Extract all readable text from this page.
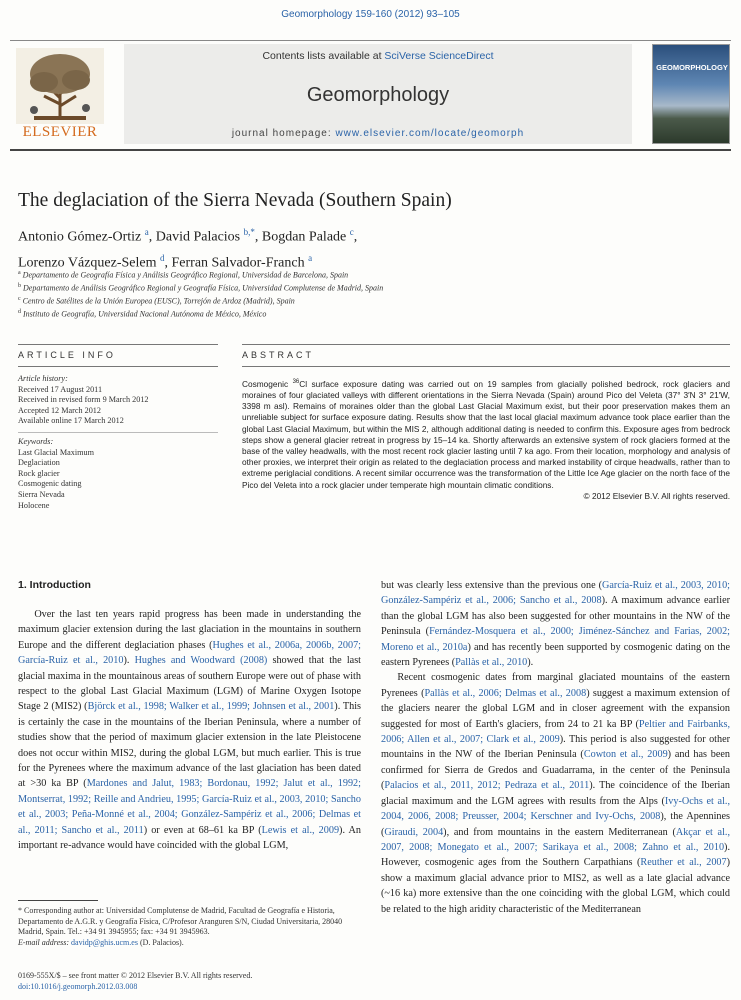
Geomorphology 159-160 (2012) 93–105
ELSEVIER
Contents lists available at SciVerse ScienceDirect
Geomorphology
journal homepage: www.elsevier.com/locate/geomorph
GEOMORPHOLOGY
The deglaciation of the Sierra Nevada (Southern Spain)
Antonio Gómez-Ortiz $^a$, David Palacios $^{b,*}$, Bogdan Palade $^c$,
Lorenzo Vázquez-Selem $^d$, Ferran Salvador-Franch $^a$
$^a$ Departamento de Geografía Física y Análisis Geográfico Regional, Universidad de Barcelona, Spain
$^b$ Departamento de Análisis Geográfico Regional y Geografía Física, Universidad Complutense de Madrid, Spain
$^c$ Centro de Satélites de la Unión Europea (EUSC), Torrejón de Ardoz (Madrid), Spain
$^d$ Instituto de Geografía, Universidad Nacional Autónoma de México, México
ARTICLE INFO	ABSTRACT
Article history:
Received 17 August 2011
Received in revised form 9 March 2012
Accepted 12 March 2012
Available online 17 March 2012
Keywords:
Last Glacial Maximum
Deglaciation
Rock glacier
Cosmogenic dating
Sierra Nevada
Holocene
Cosmogenic $^{36}$Cl surface exposure dating was carried out on 19 samples from glacially polished bedrock, rock glaciers and moraines of four glaciated valleys with different orientations in the Sierra Nevada (Spain) around Pico del Veleta (37° 3′N 3° 21′W, 3398 m asl). Remains of moraines older than the global Last Glacial Maximum exist, but their poor preservation makes them an unreliable subject for surface exposure dating. Results show that the last local glacial maximum advance took place earlier than the global Last Glacial Maximum, but within the MIS 2, although additional dating is needed to confirm this. Exposure ages from bedrock steps show a general glacier retreat in progress by 15–14 ka. Shortly afterwards an extensive system of rock glaciers formed at the base of the valley headwalls, with the most recent rock glacier lasting until 7 ka ago. From their location, morphology and analysis of other proxies, we interpret their origin as related to the deglaciation process and marked instability of cirque headwalls, rather than to extreme periglacial conditions. A recent similar occurrence was the transformation of the Little Ice Age glacier on the north face of the Pico del Veleta into a rock glacier under temperate high mountain climatic conditions.
© 2012 Elsevier B.V. All rights reserved.
1. Introduction

Over the last ten years rapid progress has been made in understanding the maximum glacier extension during the last glaciation in the mountains in southern Europe and the different deglaciation phases (Hughes et al., 2006a, 2006b, 2007; García-Ruiz et al., 2010). Hughes and Woodward (2008) showed that the last glacial maxima in the mountainous areas of southern Europe were out of phase with respect to the global Last Glacial Maximum (LGM) of Marine Oxygen Isotope Stage 2 (MIS2) (Björck et al., 1998; Walker et al., 1999; Johnsen et al., 2001). This is certainly the case in the mountains of the Iberian Peninsula, where a number of studies show that the period of maximum glacier extension in the late Pleistocene does not occur within MIS2, during the global LGM, but much earlier. This is true for the Pyrenees where the maximum advance of the last glaciation has been dated at >30 ka BP (Mardones and Jalut, 1983; Bordonau, 1992; Jalut et al., 1992; Montserrat, 1992; Reille and Andrieu, 1995; García-Ruiz et al., 2003, 2010; Sancho et al., 2003; Peña-Monné et al., 2004; González-Sampériz et al., 2006; Delmas et al., 2011; Sancho et al., 2011) or even at 68–61 ka BP (Lewis et al., 2009). An important re-advance would have coincided with the global LGM,

but was clearly less extensive than the previous one (García-Ruiz et al., 2003, 2010; González-Sampériz et al., 2006; Sancho et al., 2008). A maximum advance earlier than the global LGM has also been suggested for other mountains in the NW of the Peninsula (Fernández-Mosquera et al., 2000; Jiménez-Sánchez and Farias, 2002; Moreno et al., 2010a) and has recently been supported by cosmogenic dating on the eastern Pyrenees (Pallàs et al., 2010).

Recent cosmogenic dates from marginal glaciated mountains of the eastern Pyrenees (Pallàs et al., 2006; Delmas et al., 2008) suggest a maximum extension of the glaciers nearer the global LGM and in closer agreement with the expansion suggested for most of Earth's glaciers, from 24 to 21 ka BP (Peltier and Fairbanks, 2006; Allen et al., 2007; Clark et al., 2009). This period is also suggested for other mountains in the NW of the Iberian Peninsula (Cowton et al., 2009) and has been confirmed for Sierra de Gredos and Guadarrama, in the center of the Peninsula (Palacios et al., 2011, 2012; Pedraza et al., 2011). The coincidence of the Iberian glacial maximum and the LGM agrees with results from the Alps (Ivy-Ochs et al., 2004, 2006, 2008; Preusser, 2004; Kerschner and Ivy-Ochs, 2008), the Apennines (Giraudi, 2004), and from mountains in the eastern Mediterranean (Akçar et al., 2007, 2008; Monegato et al., 2007; Sarikaya et al., 2008; Zahno et al., 2010). However, cosmogenic ages from the Southern Carpathians (Reuther et al., 2007) show a maximum glacial advance prior to MIS2, as well as a late glacial advance (~16 ka) more extensive than the one coinciding with the global LGM, which could be related to the high aridity characteristic of the Mediterranean

* Corresponding author at: Universidad Complutense de Madrid, Facultad de Geografía e Historia, Departamento de A.G.R. y Geografía Física, C/Profesor Aranguren S/N, Ciudad Universitaria, 28040 Madrid, Spain. Tel.: +34 91 3945955; fax: +34 91 3945963.
E-mail address: davidp@ghis.ucm.es (D. Palacios).
0169-555X/$ – see front matter © 2012 Elsevier B.V. All rights reserved.
doi:10.1016/j.geomorph.2012.03.008
